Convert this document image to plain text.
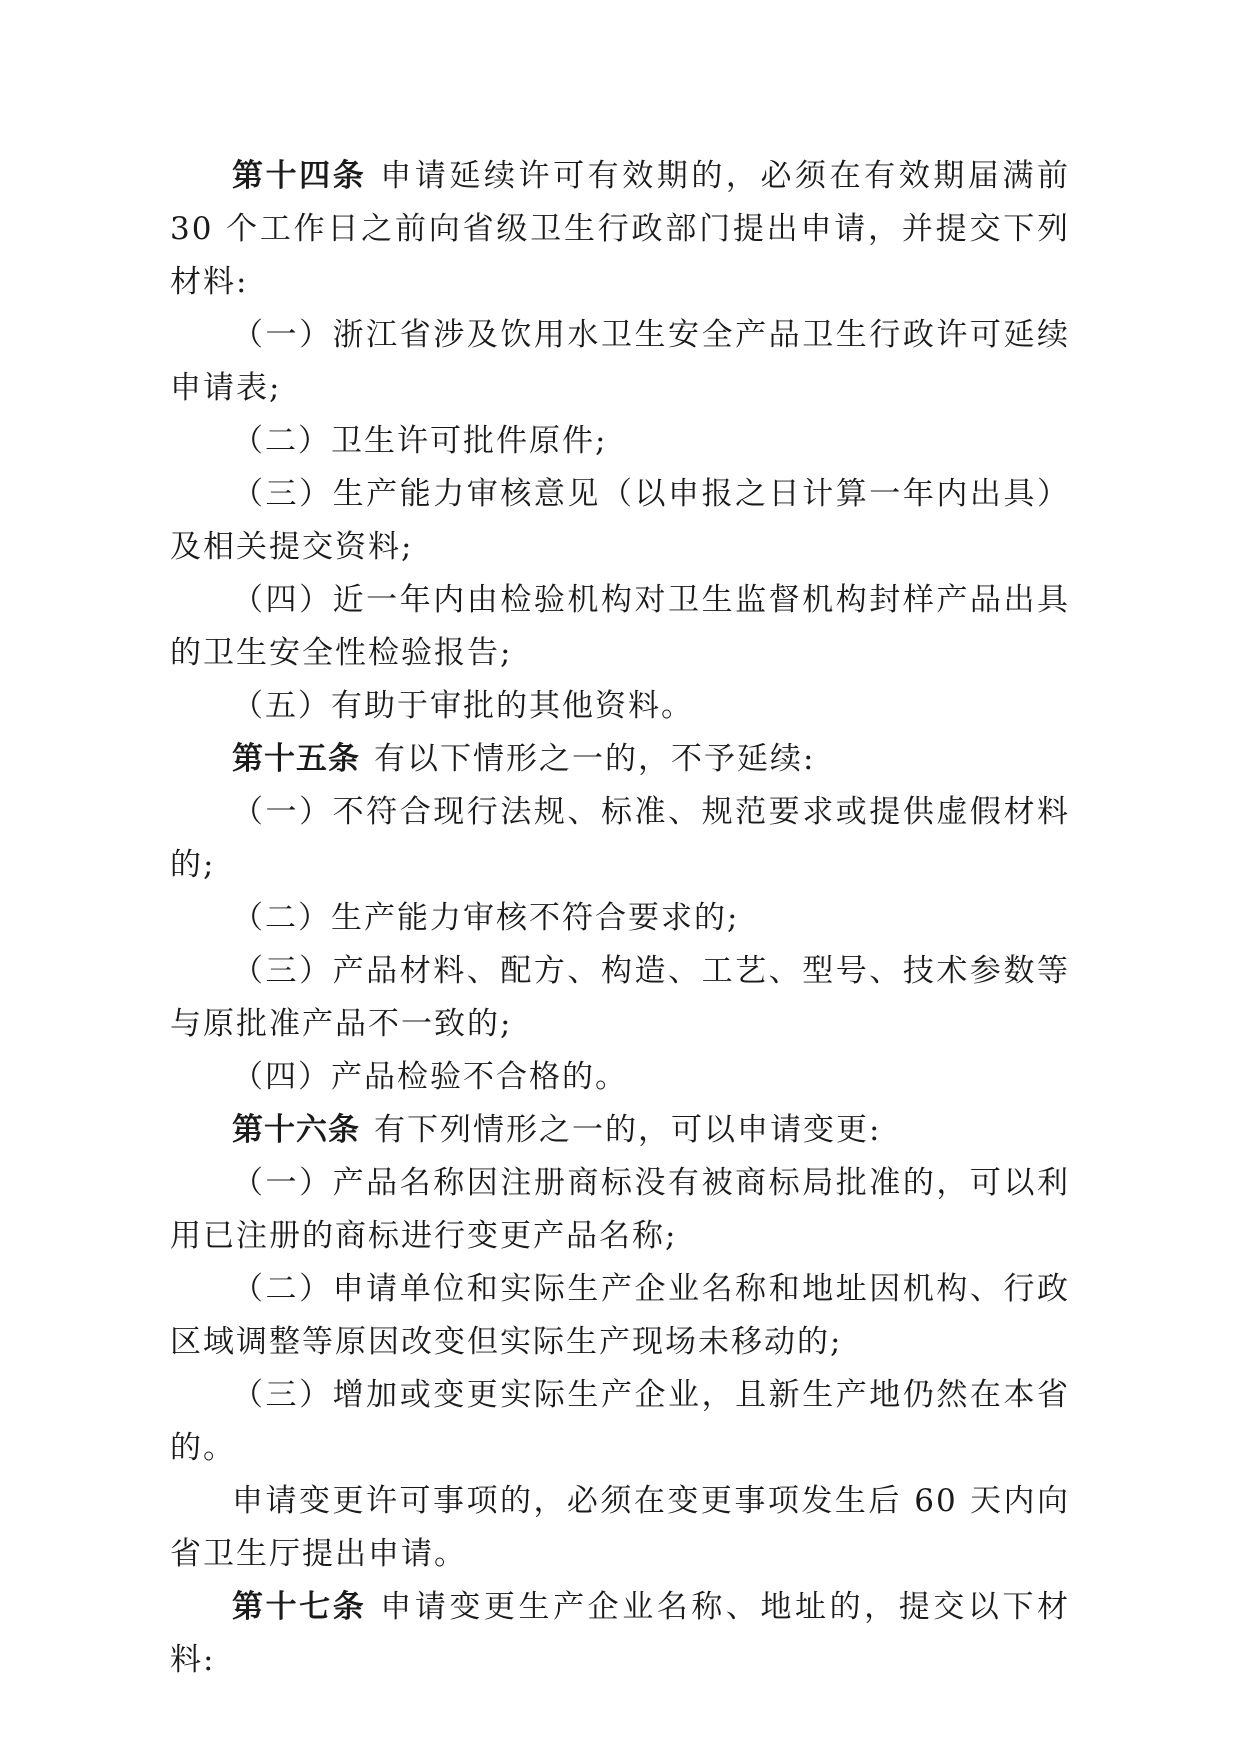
第十四条 申请延续许可有效期的，必须在有效期届满前 30 个工作日之前向省级卫生行政部门提出申请，并提交下列材料:

（一）浙江省涉及饮用水卫生安全产品卫生行政许可延续申请表;

（二）卫生许可批件原件;

（三）生产能力审核意见（以申报之日计算一年内出具）及相关提交资料;

（四）近一年内由检验机构对卫生监督机构封样产品出具的卫生安全性检验报告;

（五）有助于审批的其他资料。

第十五条 有以下情形之一的，不予延续:

（一）不符合现行法规、标准、规范要求或提供虚假材料的;

（二）生产能力审核不符合要求的;

（三）产品材料、配方、构造、工艺、型号、技术参数等与原批准产品不一致的;

（四）产品检验不合格的。

第十六条 有下列情形之一的，可以申请变更:

（一）产品名称因注册商标没有被商标局批准的，可以利用已注册的商标进行变更产品名称;

（二）申请单位和实际生产企业名称和地址因机构、行政区域调整等原因改变但实际生产现场未移动的;

（三）增加或变更实际生产企业，且新生产地仍然在本省的。

申请变更许可事项的，必须在变更事项发生后 60 天内向省卫生厅提出申请。

第十七条 申请变更生产企业名称、地址的，提交以下材料:
